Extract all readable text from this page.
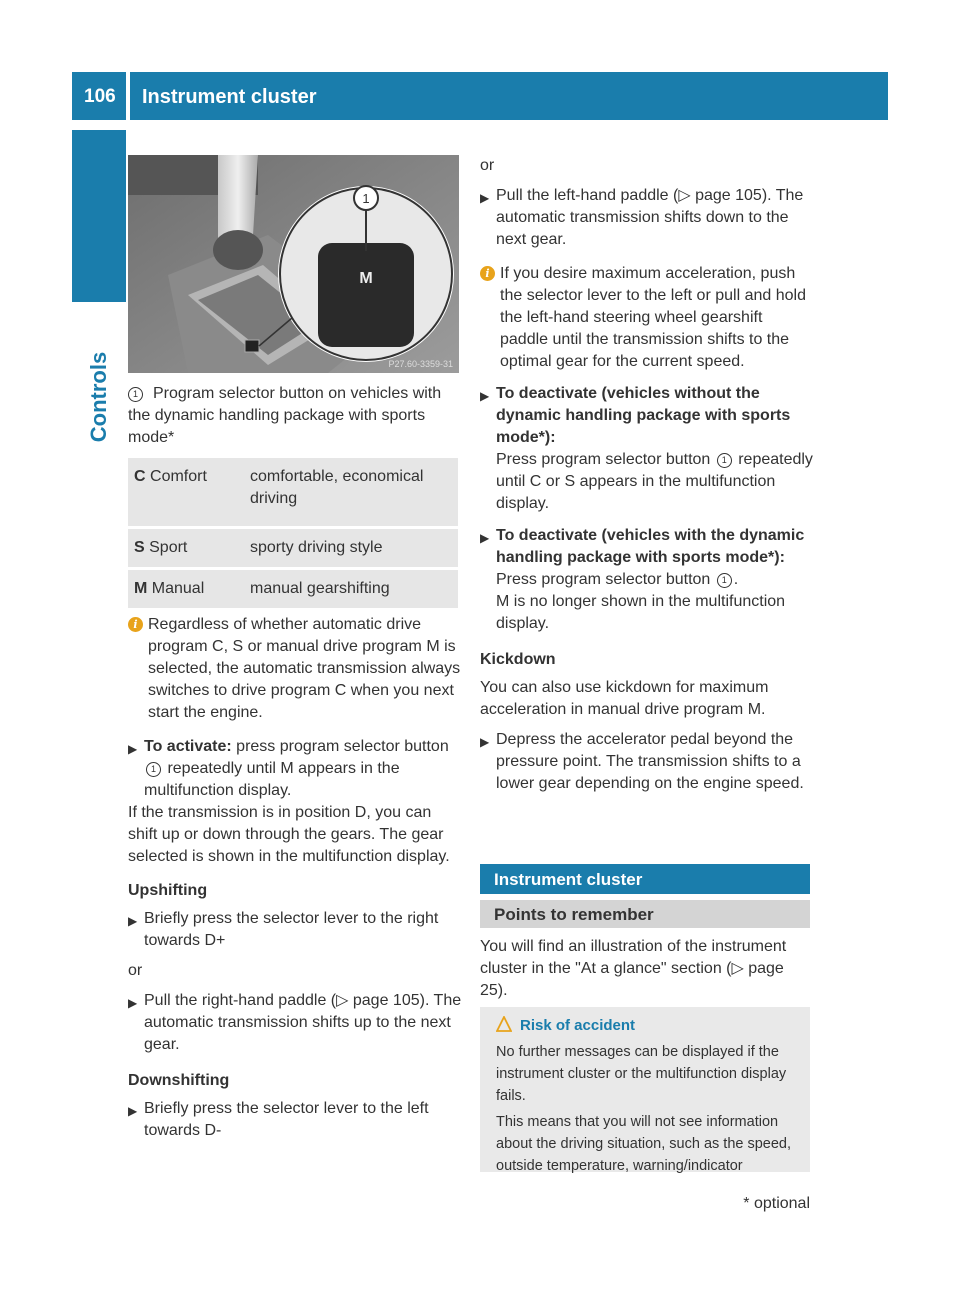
106 Instrument cluster
Controls
M
1
P27.60-3359-31
1 Program selector button on vehicles with the dynamic handling package with sports mode*
C Comfort	comfortable, economical driving
S Sport	sporty driving style
M Manual	manual gearshifting
i Regardless of whether automatic drive program C, S or manual drive program M is selected, the automatic transmission always switches to drive program C when you next start the engine.
▶ To activate: press program selector button 1 repeatedly until M appears in the multifunction display.
If the transmission is in position D, you can shift up or down through the gears. The gear selected is shown in the multifunction display.
Upshifting
▶ Briefly press the selector lever to the right towards D+
or
▶ Pull the right-hand paddle (▷ page 105). The automatic transmission shifts up to the next gear.
Downshifting
▶ Briefly press the selector lever to the left towards D-
or
▶ Pull the left-hand paddle (▷ page 105). The automatic transmission shifts down to the next gear.
i If you desire maximum acceleration, push the selector lever to the left or pull and hold the left-hand steering wheel gearshift paddle until the transmission shifts to the optimal gear for the current speed.
▶ To deactivate (vehicles without the dynamic handling package with sports mode*):
Press program selector button 1 repeatedly until C or S appears in the multifunction display.
▶ To deactivate (vehicles with the dynamic handling package with sports mode*):
Press program selector button 1 .
M is no longer shown in the multifunction display.
Kickdown
You can also use kickdown for maximum acceleration in manual drive program M.
▶ Depress the accelerator pedal beyond the pressure point. The transmission shifts to a lower gear depending on the engine speed.
Instrument cluster
Points to remember
You will find an illustration of the instrument cluster in the "At a glance" section (▷ page 25).
Risk of accident
No further messages can be displayed if the instrument cluster or the multifunction display fails.
This means that you will not see information about the driving situation, such as the speed, outside temperature, warning/indicator
* optional
